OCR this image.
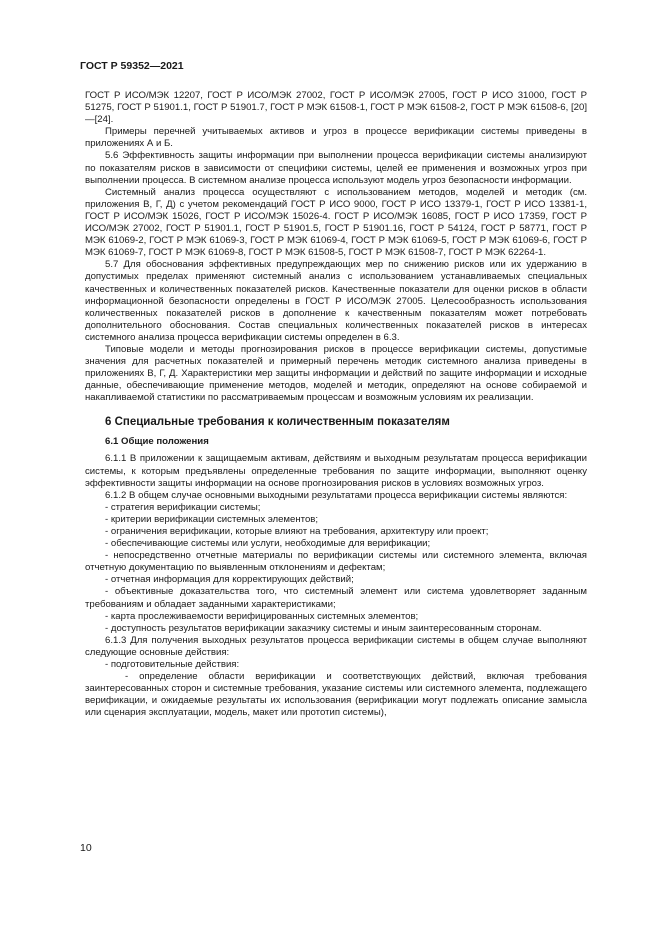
ГОСТ Р 59352—2021

ГОСТ Р ИСО/МЭК 12207, ГОСТ Р ИСО/МЭК 27002, ГОСТ Р ИСО/МЭК 27005, ГОСТ Р ИСО 31000, ГОСТ Р 51275, ГОСТ Р 51901.1, ГОСТ Р 51901.7, ГОСТ Р МЭК 61508-1, ГОСТ Р МЭК 61508-2, ГОСТ Р МЭК 61508-6, [20]—[24].

Примеры перечней учитываемых активов и угроз в процессе верификации системы приведены в приложениях А и Б.

5.6 Эффективность защиты информации при выполнении процесса верификации системы анализируют по показателям рисков в зависимости от специфики системы, целей ее применения и возможных угроз при выполнении процесса. В системном анализе процесса используют модель угроз безопасности информации.

Системный анализ процесса осуществляют с использованием методов, моделей и методик (см. приложения В, Г, Д) с учетом рекомендаций ГОСТ Р ИСО 9000, ГОСТ Р ИСО 13379-1, ГОСТ Р ИСО 13381-1, ГОСТ Р ИСО/МЭК 15026, ГОСТ Р ИСО/МЭК 15026-4. ГОСТ Р ИСО/МЭК 16085, ГОСТ Р ИСО 17359, ГОСТ Р ИСО/МЭК 27002, ГОСТ Р 51901.1, ГОСТ Р 51901.5, ГОСТ Р 51901.16, ГОСТ Р 54124, ГОСТ Р 58771, ГОСТ Р МЭК 61069-2, ГОСТ Р МЭК 61069-3, ГОСТ Р МЭК 61069-4, ГОСТ Р МЭК 61069-5, ГОСТ Р МЭК 61069-6, ГОСТ Р МЭК 61069-7, ГОСТ Р МЭК 61069-8, ГОСТ Р МЭК 61508-5, ГОСТ Р МЭК 61508-7, ГОСТ Р МЭК 62264-1.

5.7 Для обоснования эффективных предупреждающих мер по снижению рисков или их удержанию в допустимых пределах применяют системный анализ с использованием устанавливаемых специальных качественных и количественных показателей рисков. Качественные показатели для оценки рисков в области информационной безопасности определены в ГОСТ Р ИСО/МЭК 27005. Целесообразность использования количественных показателей рисков в дополнение к качественным показателям может потребовать дополнительного обоснования. Состав специальных количественных показателей рисков в интересах системного анализа процесса верификации системы определен в 6.3.

Типовые модели и методы прогнозирования рисков в процессе верификации системы, допустимые значения для расчетных показателей и примерный перечень методик системного анализа приведены в приложениях В, Г, Д. Характеристики мер защиты информации и действий по защите информации и исходные данные, обеспечивающие применение методов, моделей и методик, определяют на основе собираемой и накапливаемой статистики по рассматриваемым процессам и возможным условиям их реализации.

6 Специальные требования к количественным показателям
6.1 Общие положения

6.1.1 В приложении к защищаемым активам, действиям и выходным результатам процесса верификации системы, к которым предъявлены определенные требования по защите информации, выполняют оценку эффективности защиты информации на основе прогнозирования рисков в условиях возможных угроз.

6.1.2 В общем случае основными выходными результатами процесса верификации системы являются:

- стратегия верификации системы;

- критерии верификации системных элементов;

- ограничения верификации, которые влияют на требования, архитектуру или проект;

- обеспечивающие системы или услуги, необходимые для верификации;

- непосредственно отчетные материалы по верификации системы или системного элемента, включая отчетную документацию по выявленным отклонениям и дефектам;

- отчетная информация для корректирующих действий;

- объективные доказательства того, что системный элемент или система удовлетворяет заданным требованиям и обладает заданными характеристиками;

- карта прослеживаемости верифицированных системных элементов;

- доступность результатов верификации заказчику системы и иным заинтересованным сторонам.

6.1.3 Для получения выходных результатов процесса верификации системы в общем случае выполняют следующие основные действия:

- подготовительные действия:

- определение области верификации и соответствующих действий, включая требования заинтересованных сторон и системные требования, указание системы или системного элемента, подлежащего верификации, и ожидаемые результаты их использования (верификации могут подлежать описание замысла или сценария эксплуатации, модель, макет или прототип системы),

10
